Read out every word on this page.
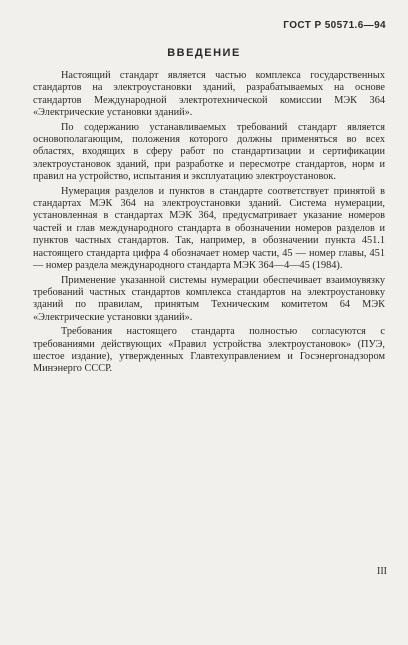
ГОСТ Р 50571.6—94
ВВЕДЕНИЕ

Настоящий стандарт является частью комплекса государственных стандартов на электроустановки зданий, разрабатываемых на основе стандартов Международной электротехнической комиссии МЭК 364 «Электрические установки зданий».

По содержанию устанавливаемых требований стандарт является основополагающим, положения которого должны применяться во всех областях, входящих в сферу работ по стандартизации и сертификации электроустановок зданий, при разработке и пересмотре стандартов, норм и правил на устройство, испытания и эксплуатацию электроустановок.

Нумерация разделов и пунктов в стандарте соответствует принятой в стандартах МЭК 364 на электроустановки зданий. Система нумерации, установленная в стандартах МЭК 364, предусматривает указание номеров частей и глав международного стандарта в обозначении номеров разделов и пунктов частных стандартов. Так, например, в обозначении пункта 451.1 настоящего стандарта цифра 4 обозначает номер части, 45 — номер главы, 451 — номер раздела международного стандарта МЭК 364—4—45 (1984).

Применение указанной системы нумерации обеспечивает взаимоувязку требований частных стандартов комплекса стандартов на электроустановку зданий по правилам, принятым Техническим комитетом 64 МЭК «Электрические установки зданий».

Требования настоящего стандарта полностью согласуются с требованиями действующих «Правил устройства электроустановок» (ПУЭ, шестое издание), утвержденных Главтехуправлением и Госэнергонадзором Минэнерго СССР.

III
